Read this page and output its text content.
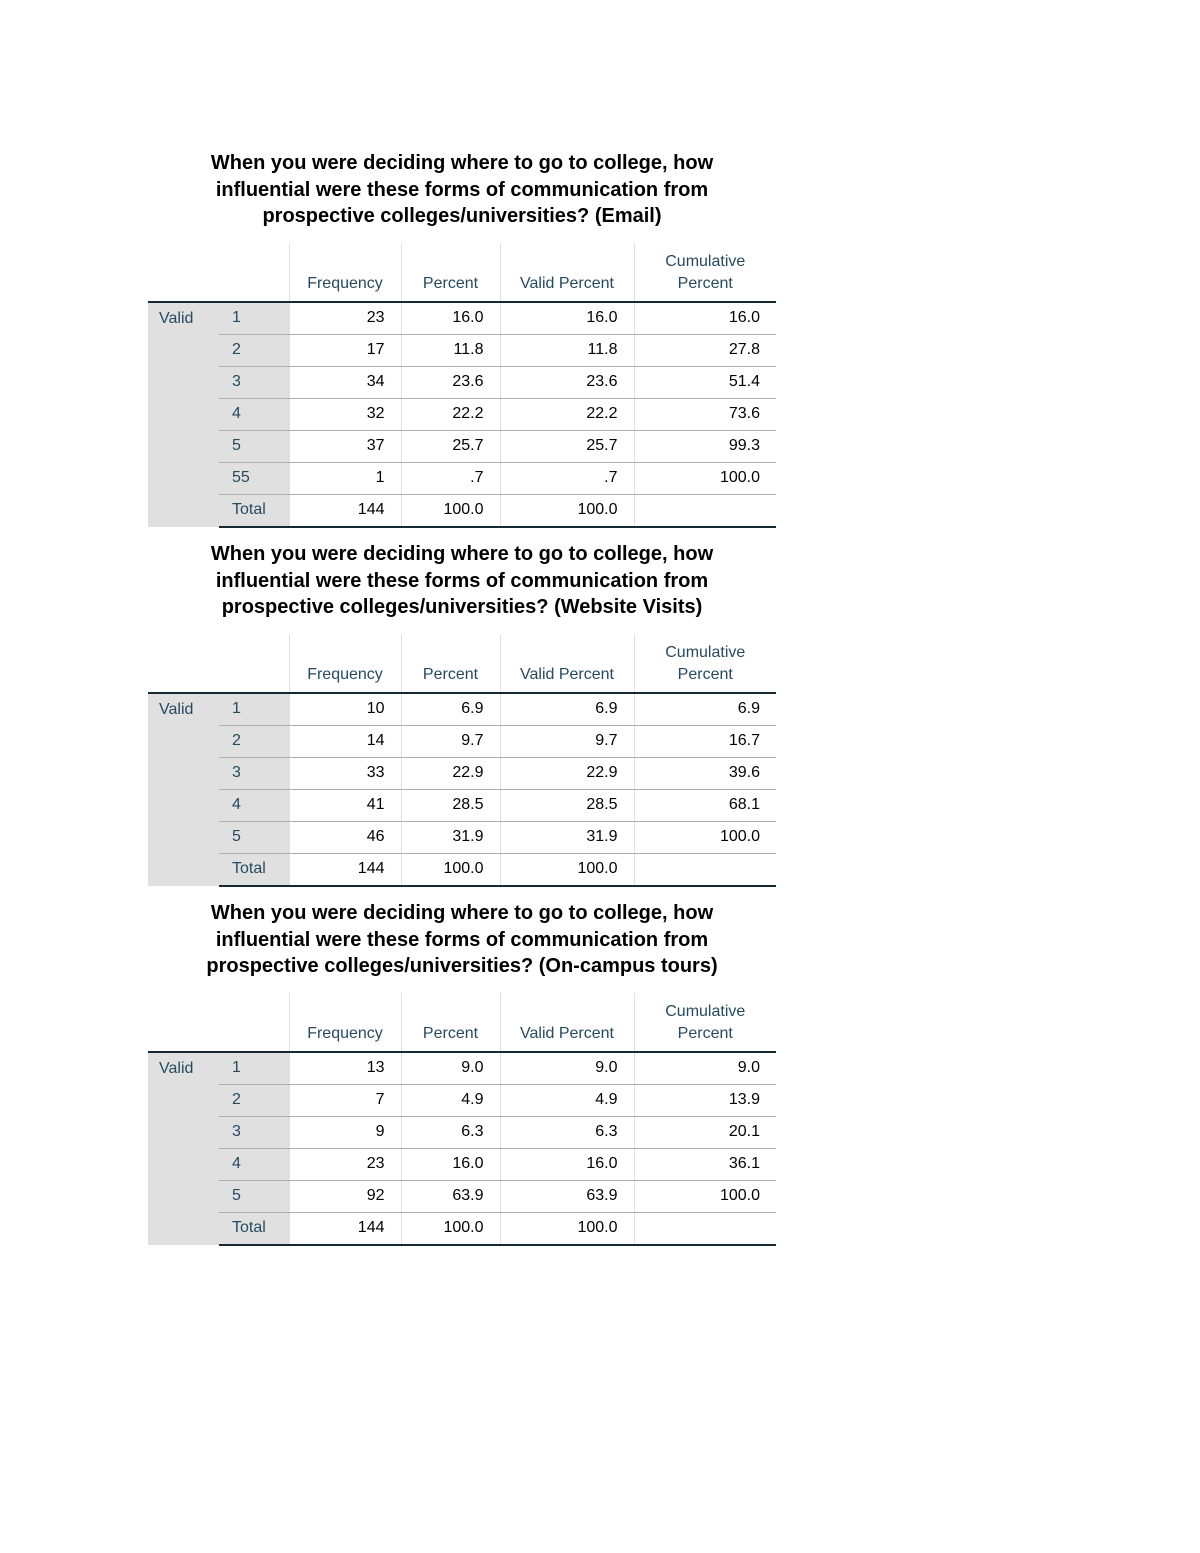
When you were deciding where to go to college, how
influential were these forms of communication from
prospective colleges/universities? (Email)
		Frequency	Percent	Valid Percent	Cumulative
Percent
Valid	1	23	16.0	16.0	16.0
	2	17	11.8	11.8	27.8
	3	34	23.6	23.6	51.4
	4	32	22.2	22.2	73.6
	5	37	25.7	25.7	99.3
	55	1	.7	.7	100.0
	Total	144	100.0	100.0	
When you were deciding where to go to college, how
influential were these forms of communication from
prospective colleges/universities? (Website Visits)
		Frequency	Percent	Valid Percent	Cumulative
Percent
Valid	1	10	6.9	6.9	6.9
	2	14	9.7	9.7	16.7
	3	33	22.9	22.9	39.6
	4	41	28.5	28.5	68.1
	5	46	31.9	31.9	100.0
	Total	144	100.0	100.0	
When you were deciding where to go to college, how
influential were these forms of communication from
prospective colleges/universities? (On-campus tours)
		Frequency	Percent	Valid Percent	Cumulative
Percent
Valid	1	13	9.0	9.0	9.0
	2	7	4.9	4.9	13.9
	3	9	6.3	6.3	20.1
	4	23	16.0	16.0	36.1
	5	92	63.9	63.9	100.0
	Total	144	100.0	100.0	
